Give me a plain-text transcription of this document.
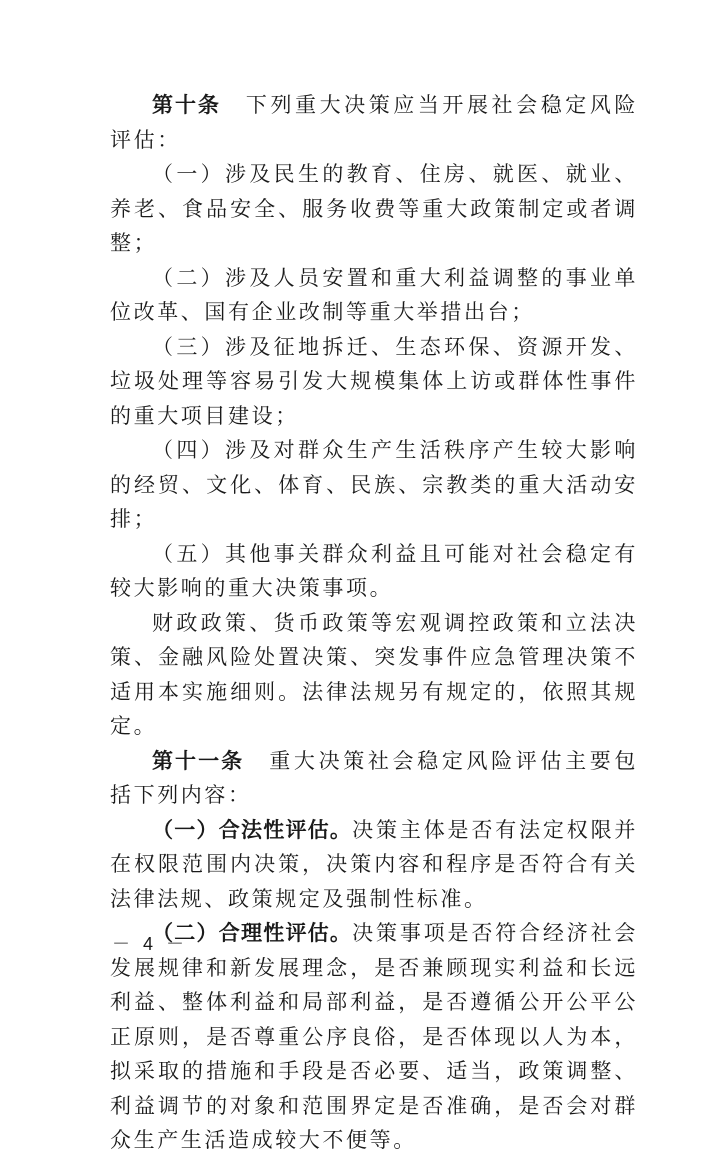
第十条 下列重大决策应当开展社会稳定风险评估：

（一）涉及民生的教育、住房、就医、就业、养老、食品安全、服务收费等重大政策制定或者调整；

（二）涉及人员安置和重大利益调整的事业单位改革、国有企业改制等重大举措出台；

（三）涉及征地拆迁、生态环保、资源开发、垃圾处理等容易引发大规模集体上访或群体性事件的重大项目建设；

（四）涉及对群众生产生活秩序产生较大影响的经贸、文化、体育、民族、宗教类的重大活动安排；

（五）其他事关群众利益且可能对社会稳定有较大影响的重大决策事项。

财政政策、货币政策等宏观调控政策和立法决策、金融风险处置决策、突发事件应急管理决策不适用本实施细则。法律法规另有规定的，依照其规定。

第十一条 重大决策社会稳定风险评估主要包括下列内容：

（一）合法性评估。决策主体是否有法定权限并在权限范围内决策，决策内容和程序是否符合有关法律法规、政策规定及强制性标准。

（二）合理性评估。决策事项是否符合经济社会发展规律和新发展理念，是否兼顾现实利益和长远利益、整体利益和局部利益，是否遵循公开公平公正原则，是否尊重公序良俗，是否体现以人为本，拟采取的措施和手段是否必要、适当，政策调整、利益调节的对象和范围界定是否准确，是否会对群众生产生活造成较大不便等。

－ 4 －
